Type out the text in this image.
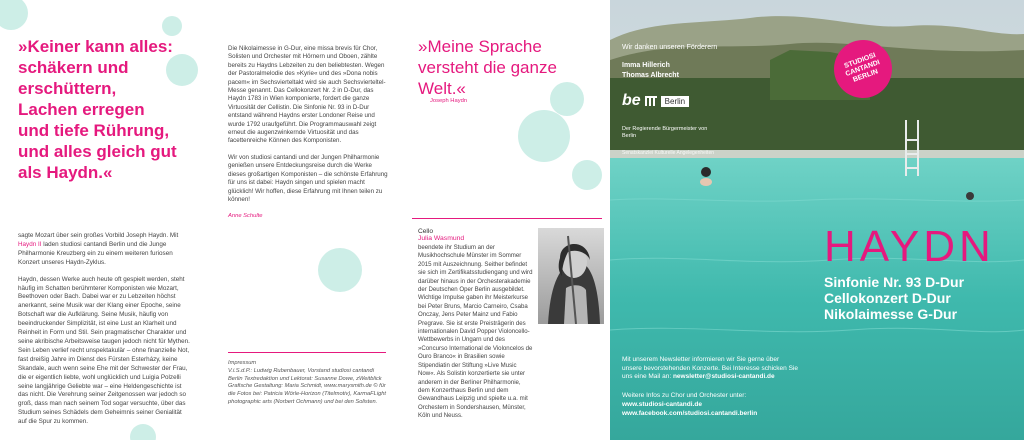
»Keiner kann alles: schäkern und erschüttern, Lachen erregen und tiefe Rührung, und alles gleich gut als Haydn.«

sagte Mozart über sein großes Vorbild Joseph Haydn. Mit Haydn II laden studiosi cantandi Berlin und die Junge Philharmonie Kreuzberg ein zu einem weiteren furiosen Konzert unseres Haydn-Zyklus.

Haydn, dessen Werke auch heute oft gespielt werden, steht häufig im Schatten berühmterer Komponisten wie Mozart, Beethoven oder Bach. Dabei war er zu Lebzeiten höchst anerkannt, seine Musik war der Klang einer Epoche, seine Botschaft war die Aufklärung. Seine Musik, häufig von beeindruckender Simplizität, ist eine Lust an Klarheit und Reinheit in Form und Stil. Sein pragmatischer Charakter und seine akribische Arbeitsweise taugen jedoch nicht für Mythen. Sein Leben verlief recht unspektakulär – ohne finanzielle Not, fast dreißig Jahre im Dienst des Fürsten Esterházy, keine Skandale, auch wenn seine Ehe mit der Schwester der Frau, die er eigentlich liebte, wohl unglücklich und Luigia Polzelli seine langjährige Geliebte war – eine Heldengeschichte ist das nicht. Die Verehrung seiner Zeitgenossen war jedoch so groß, dass man nach seinem Tod sogar versuchte, über das Studium seines Schädels dem Geheimnis seiner Genialität auf die Spur zu kommen.

Die Nikolaimesse in G-Dur, eine missa brevis für Chor, Solisten und Orchester mit Hörnern und Oboen, zählte bereits zu Haydns Lebzeiten zu den beliebtesten. Wegen der Pastoralmelodie des »Kyrie« und des »Dona nobis pacem« im Sechsvierteltakt wird sie auch Sechsvierteltel-Messe genannt. Das Cellokonzert Nr. 2 in D-Dur, das Haydn 1783 in Wien komponierte, fordert die ganze Virtuosität der Cellistin. Die Sinfonie Nr. 93 in D-Dur entstand während Haydns erster Londoner Reise und wurde 1792 uraufgeführt. Die Programmauswahl zeigt erneut die augenzwinkernde Virtuosität und das facettenreiche Können des Komponisten.

Wir von studiosi cantandi und der Jungen Philharmonie genießen unsere Entdeckungsreise durch die Werke dieses großartigen Komponisten – die schönste Erfahrung für uns ist dabei: Haydn singen und spielen macht glücklich! Wir hoffen, diese Erfahrung mit Ihnen teilen zu können!

Anne Schulte

Impressum

V.i.S.d.P.: Ludwig Rubenbauer, Vorstand studiosi cantandi Berlin Textredaktion und Lektorat: Susanne Dowe, zWeitblick Grafische Gestaltung: Maria Schmidt, www.marysmith.de © für die Fotos bei: Patricia Wörle-Horizon (Titelmotiv), KarmaFLight photographic arts (Norbert Ochmann) und bei den Solisten.

»Meine Sprache versteht die ganze Welt.«
Joseph Haydn

Cello

Julia Wasmund

beendete ihr Studium an der Musikhochschule Münster im Sommer 2015 mit Auszeichnung. Seither befindet sie sich im Zertifikatsstudiengang und wird darüber hinaus in der Orchesterakademie der Deutschen Oper Berlin ausgebildet. Wichtige Impulse gaben ihr Meisterkurse bei Peter Bruns, Marcio Carneiro, Csaba Onczay, Jens Peter Mainz und Fabio Pregrave. Sie ist erste Preisträgerin des internationalen David Popper Violoncello-Wettbewerbs in Ungarn und des »Concurso International de Violoncelos de Ouro Branco« in Brasilien sowie Stipendiatin der Stiftung »Live Music Now«. Als Solistin konzertierte sie unter anderem in der Berliner Philharmonie, dem Konzerthaus Berlin und dem Gewandhaus Leipzig und spielte u.a. mit Orchestern in Sondershausen, Münster, Köln und Neuss.

STUDIOSI CANTANDI BERLIN
Wir danken unseren Förderern
Imma Hillerich
Thomas Albrecht
be	Berlin
Der Regierende Bürgermeister von Berlin
Senatskanzlei Kulturelle Angelegenheiten
HAYDN

Sinfonie Nr. 93 D-Dur

Cellokonzert D-Dur

Nikolaimesse G-Dur

Mit unserem Newsletter informieren wir Sie gerne über unsere bevorstehenden Konzerte. Bei Interesse schicken Sie uns eine Mail an: newsletter@studiosi-cantandi.de

Weitere Infos zu Chor und Orchester unter:

www.studiosi-cantandi.de

www.facebook.com/studiosi.cantandi.berlin
